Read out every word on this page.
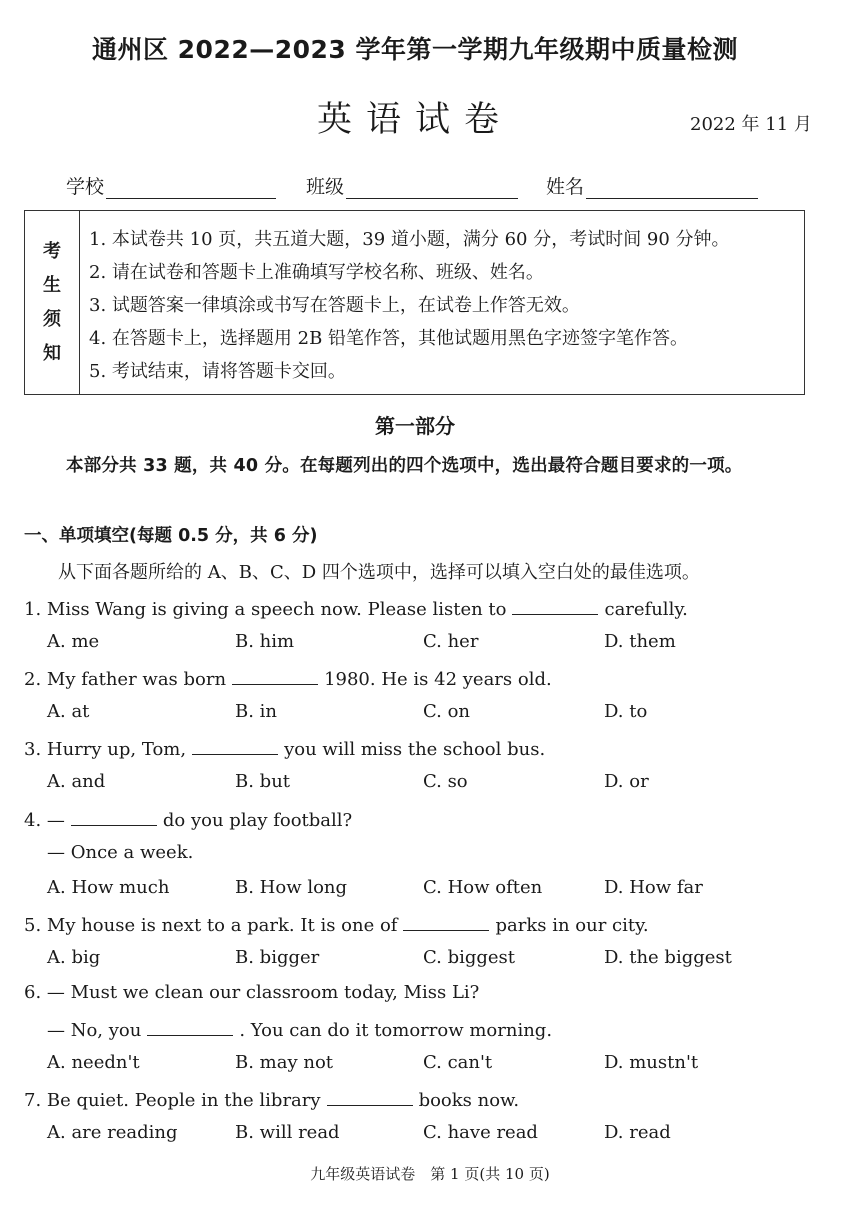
通州区 2022—2023 学年第一学期九年级期中质量检测
英语试卷	2022 年 11 月
学校	班级	姓名
考
生
须
知
1. 本试卷共 10 页，共五道大题，39 道小题，满分 60 分，考试时间 90 分钟。
2. 请在试卷和答题卡上准确填写学校名称、班级、姓名。
3. 试题答案一律填涂或书写在答题卡上，在试卷上作答无效。
4. 在答题卡上，选择题用 2B 铅笔作答，其他试题用黑色字迹签字笔作答。
5. 考试结束，请将答题卡交回。
第一部分
本部分共 33 题，共 40 分。在每题列出的四个选项中，选出最符合题目要求的一项。
一、单项填空(每题 0.5 分，共 6 分)
从下面各题所给的 A、B、C、D 四个选项中，选择可以填入空白处的最佳选项。
1. Miss Wang is giving a speech now. Please listen to	carefully.
A. me	B. him	C. her	D. them
2. My father was born	1980. He is 42 years old.
A. at	B. in	C. on	D. to
3. Hurry up, Tom,	you will miss the school bus.
A. and	B. but	C. so	D. or
4. —	do you play football?
— Once a week.
A. How much	B. How long	C. How often	D. How far
5. My house is next to a park. It is one of	parks in our city.
A. big	B. bigger	C. biggest	D. the biggest
6. — Must we clean our classroom today, Miss Li?
— No, you	. You can do it tomorrow morning.
A. needn't	B. may not	C. can't	D. mustn't
7. Be quiet. People in the library	books now.
A. are reading	B. will read	C. have read	D. read
九年级英语试卷　第 1 页(共 10 页)
